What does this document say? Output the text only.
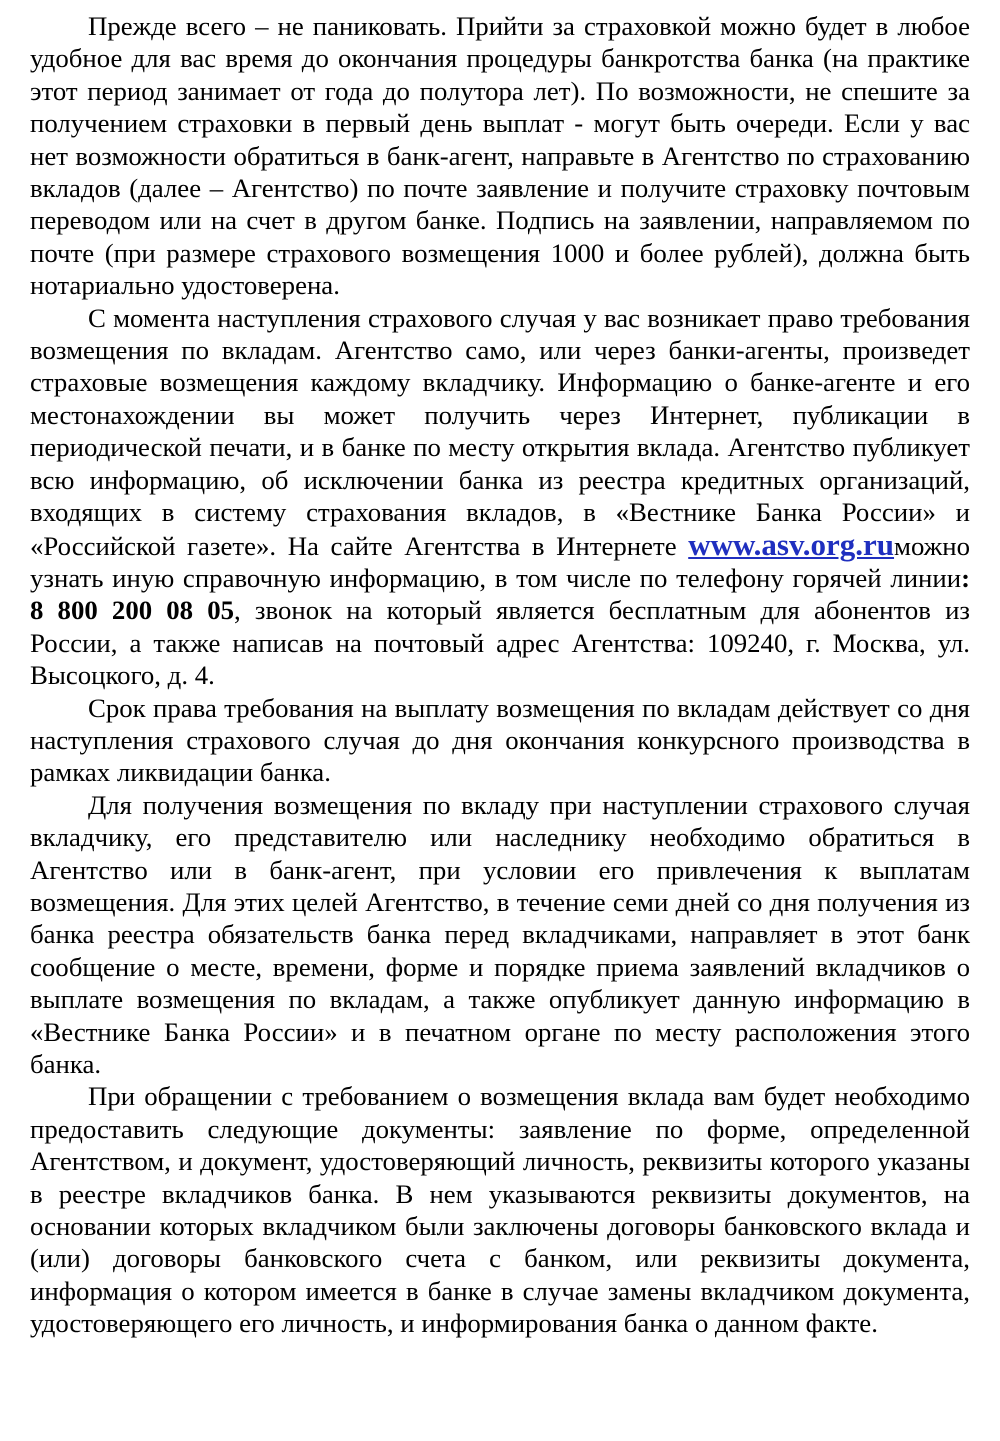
Прежде всего – не паниковать. Прийти за страховкой можно будет в любое удобное для вас время до окончания процедуры банкротства банка (на практике этот период занимает от года до полутора лет). По возможности, не спешите за получением страховки в первый день выплат - могут быть очереди. Если у вас нет возможности обратиться в банк-агент, направьте в Агентство по страхованию вкладов (далее – Агентство) по почте заявление и получите страховку почтовым переводом или на счет в другом банке. Подпись на заявлении, направляемом по почте (при размере страхового возмещения 1000 и более рублей), должна быть нотариально удостоверена.

С момента наступления страхового случая у вас возникает право требования возмещения по вкладам. Агентство само, или через банки-агенты, произведет страховые возмещения каждому вкладчику. Информацию о банке-агенте и его местонахождении вы может получить через Интернет, публикации в периодической печати, и в банке по месту открытия вклада. Агентство публикует всю информацию, об исключении банка из реестра кредитных организаций, входящих в систему страхования вкладов, в «Вестнике Банка России» и «Российской газете». На сайте Агентства в Интернете www.asv.org.ruможно узнать иную справочную информацию, в том числе по телефону горячей линии: 8 800 200 08 05, звонок на который является бесплатным для абонентов из России, а также написав на почтовый адрес Агентства: 109240, г. Москва, ул. Высоцкого, д. 4.

Срок права требования на выплату возмещения по вкладам действует со дня наступления страхового случая до дня окончания конкурсного производства в рамках ликвидации банка.

Для получения возмещения по вкладу при наступлении страхового случая вкладчику, его представителю или наследнику необходимо обратиться в Агентство или в банк-агент, при условии его привлечения к выплатам возмещения. Для этих целей Агентство, в течение семи дней со дня получения из банка реестра обязательств банка перед вкладчиками, направляет в этот банк сообщение о месте, времени, форме и порядке приема заявлений вкладчиков о выплате возмещения по вкладам, а также опубликует данную информацию в «Вестнике Банка России» и в печатном органе по месту расположения этого банка.

При обращении с требованием о возмещения вклада вам будет необходимо предоставить следующие документы: заявление по форме, определенной Агентством, и документ, удостоверяющий личность, реквизиты которого указаны в реестре вкладчиков банка. В нем указываются реквизиты документов, на основании которых вкладчиком были заключены договоры банковского вклада и (или) договоры банковского счета с банком, или реквизиты документа, информация о котором имеется в банке в случае замены вкладчиком документа, удостоверяющего его личность, и информирования банка о данном факте.
